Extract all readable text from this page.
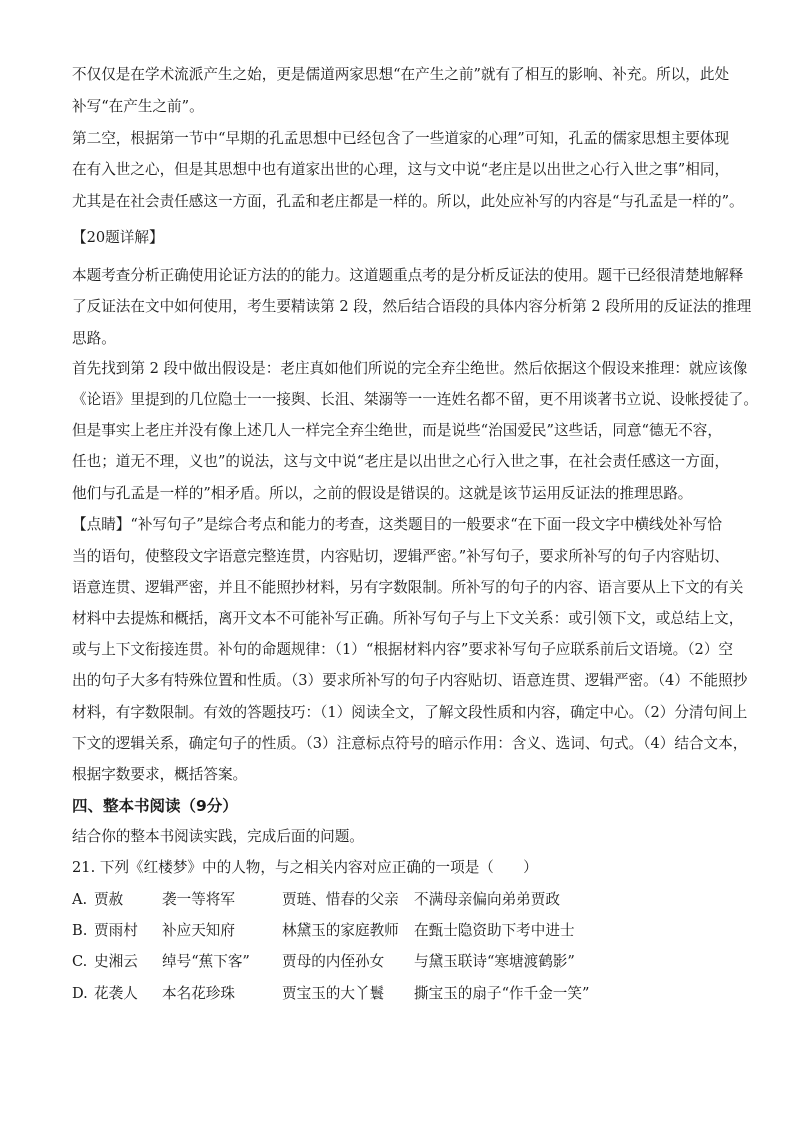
不仅仅是在学术流派产生之始，更是儒道两家思想“在产生之前”就有了相互的影响、补充。所以，此处
补写“在产生之前”。
第二空，根据第一节中“早期的孔孟思想中已经包含了一些道家的心理”可知，孔孟的儒家思想主要体现
在有入世之心，但是其思想中也有道家出世的心理，这与文中说“老庄是以出世之心行入世之事”相同，
尤其是在社会责任感这一方面，孔孟和老庄都是一样的。所以，此处应补写的内容是“与孔孟是一样的”。
【20题详解】
本题考查分析正确使用论证方法的的能力。这道题重点考的是分析反证法的使用。题干已经很清楚地解释
了反证法在文中如何使用，考生要精读第 2 段，然后结合语段的具体内容分析第 2 段所用的反证法的推理
思路。
首先找到第 2 段中做出假设是：老庄真如他们所说的完全弃尘绝世。然后依据这个假设来推理：就应该像
《论语》里提到的几位隐士一一接舆、长沮、桀溺等一一连姓名都不留，更不用谈著书立说、设帐授徒了。
但是事实上老庄并没有像上述几人一样完全弃尘绝世，而是说些“治国爱民”这些话，同意“德无不容，
任也；道无不理，义也”的说法，这与文中说“老庄是以出世之心行入世之事，在社会责任感这一方面，
他们与孔孟是一样的”相矛盾。所以，之前的假设是错误的。这就是该节运用反证法的推理思路。
【点睛】“补写句子”是综合考点和能力的考查，这类题目的一般要求“在下面一段文字中横线处补写恰
当的语句，使整段文字语意完整连贯，内容贴切，逻辑严密。”补写句子，要求所补写的句子内容贴切、
语意连贯、逻辑严密，并且不能照抄材料，另有字数限制。所补写的句子的内容、语言要从上下文的有关
材料中去提炼和概括，离开文本不可能补写正确。所补写句子与上下文关系：或引领下文，或总结上文，
或与上下文衔接连贯。补句的命题规律：（1）“根据材料内容”要求补写句子应联系前后文语境。（2）空
出的句子大多有特殊位置和性质。（3）要求所补写的句子内容贴切、语意连贯、逻辑严密。（4）不能照抄
材料，有字数限制。有效的答题技巧：（1）阅读全文，了解文段性质和内容，确定中心。（2）分清句间上
下文的逻辑关系，确定句子的性质。（3）注意标点符号的暗示作用：含义、选词、句式。（4）结合文本，
根据字数要求，概括答案。
四、整本书阅读（9分）
结合你的整本书阅读实践，完成后面的问题。
21. 下列《红楼梦》中的人物，与之相关内容对应正确的一项是（　　）
A. 贾赦	袭一等将军	贾琏、惜春的父亲 不满母亲偏向弟弟贾政
B. 贾雨村 补应天知府	林黛玉的家庭教师 在甄士隐资助下考中进士
C. 史湘云 绰号“蕉下客” 贾母的内侄孙女 与黛玉联诗“寒塘渡鹤影”
D. 花袭人 本名花珍珠	贾宝玉的大丫鬟 撕宝玉的扇子“作千金一笑”
